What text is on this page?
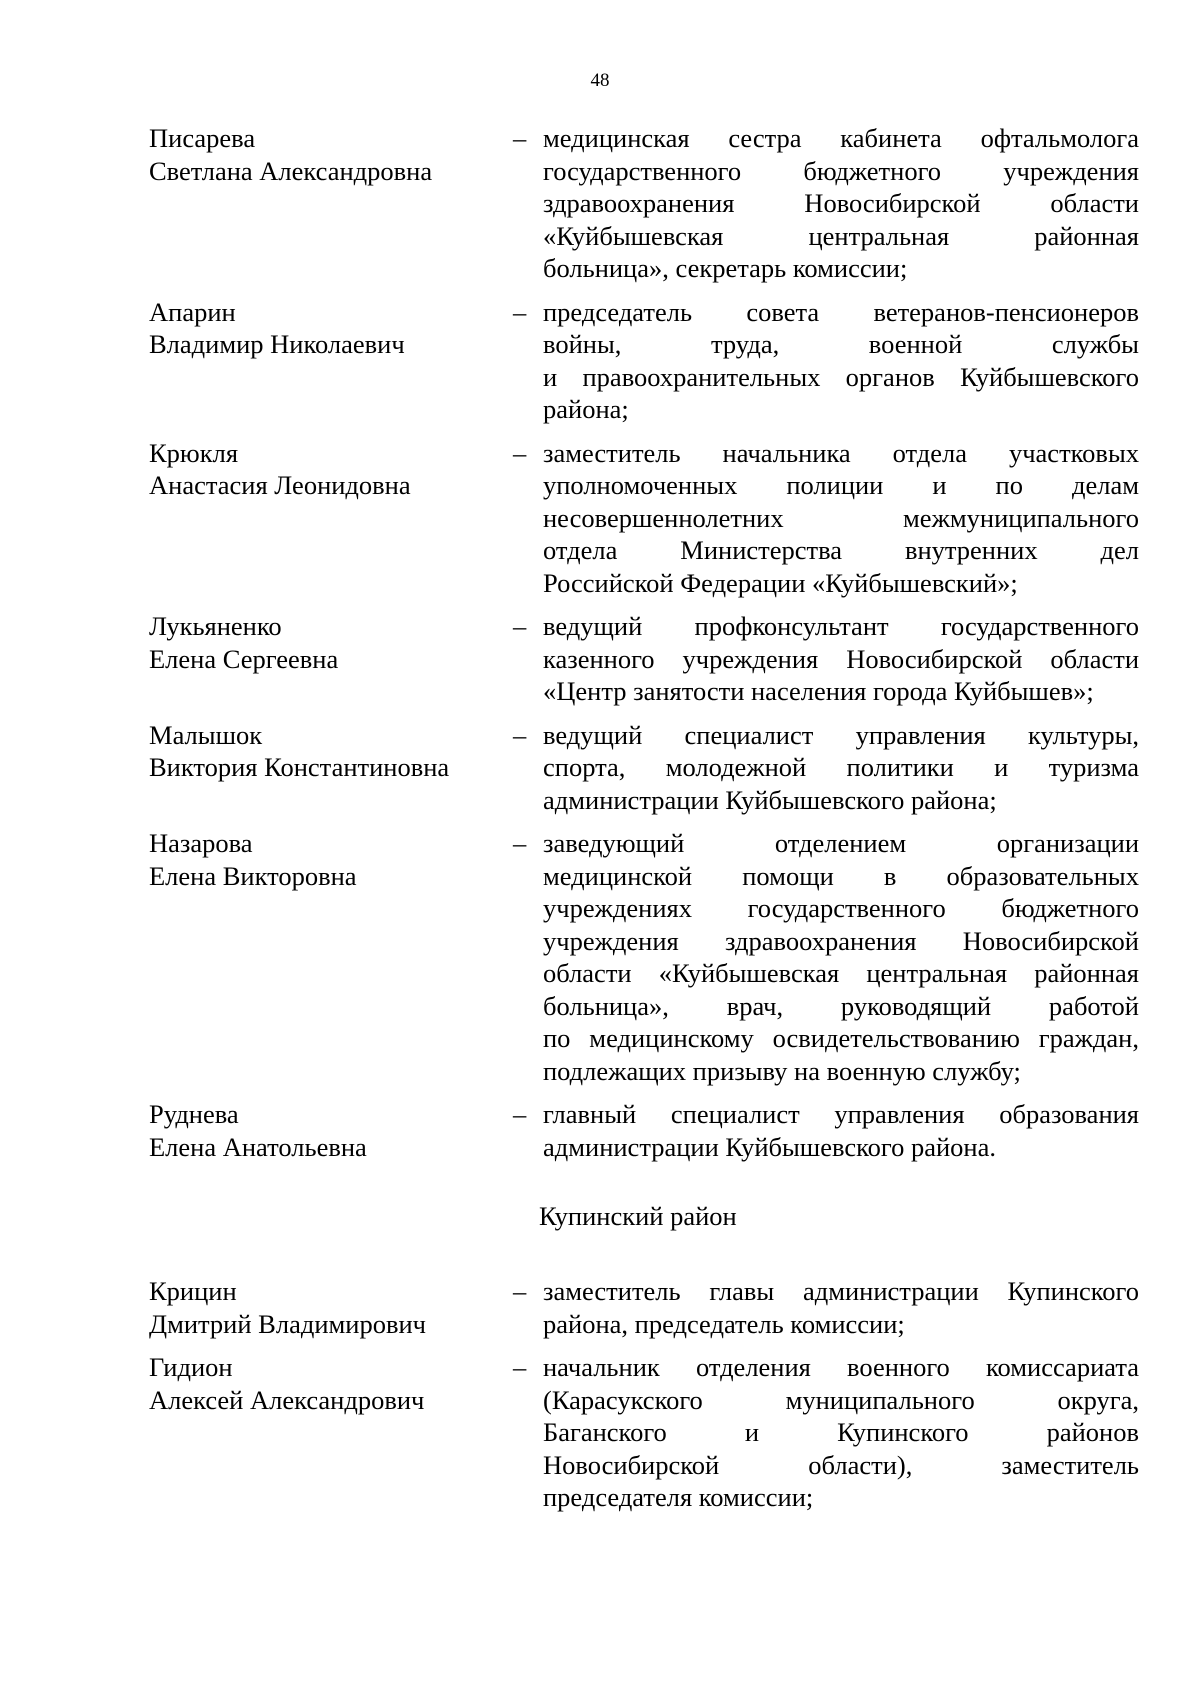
48
Писарева
Светлана Александровна
– медицинская сестра кабинета офтальмолога
государственного бюджетного учреждения
здравоохранения Новосибирской области
«Куйбышевская центральная районная
больница», секретарь комиссии;
Апарин
Владимир Николаевич
– председатель совета ветеранов-пенсионеров
войны, труда, военной службы
и правоохранительных органов Куйбышевского
района;
Крюкля
Анастасия Леонидовна
– заместитель начальника отдела участковых
уполномоченных полиции и по делам
несовершеннолетних межмуниципального
отдела Министерства внутренних дел
Российской Федерации «Куйбышевский»;
Лукьяненко
Елена Сергеевна
– ведущий профконсультант государственного
казенного учреждения Новосибирской области
«Центр занятости населения города Куйбышев»;
Малышок
Виктория Константиновна
– ведущий специалист управления культуры,
спорта, молодежной политики и туризма
администрации Куйбышевского района;
Назарова
Елена Викторовна
– заведующий отделением организации
медицинской помощи в образовательных
учреждениях государственного бюджетного
учреждения здравоохранения Новосибирской
области «Куйбышевская центральная районная
больница», врач, руководящий работой
по медицинскому освидетельствованию граждан,
подлежащих призыву на военную службу;
Руднева
Елена Анатольевна
– главный специалист управления образования
администрации Куйбышевского района.
Купинский район
Крицин
Дмитрий Владимирович
– заместитель главы администрации Купинского
района, председатель комиссии;
Гидион
Алексей Александрович
– начальник отделения военного комиссариата
(Карасукского муниципального округа,
Баганского и Купинского районов
Новосибирской области), заместитель
председателя комиссии;
